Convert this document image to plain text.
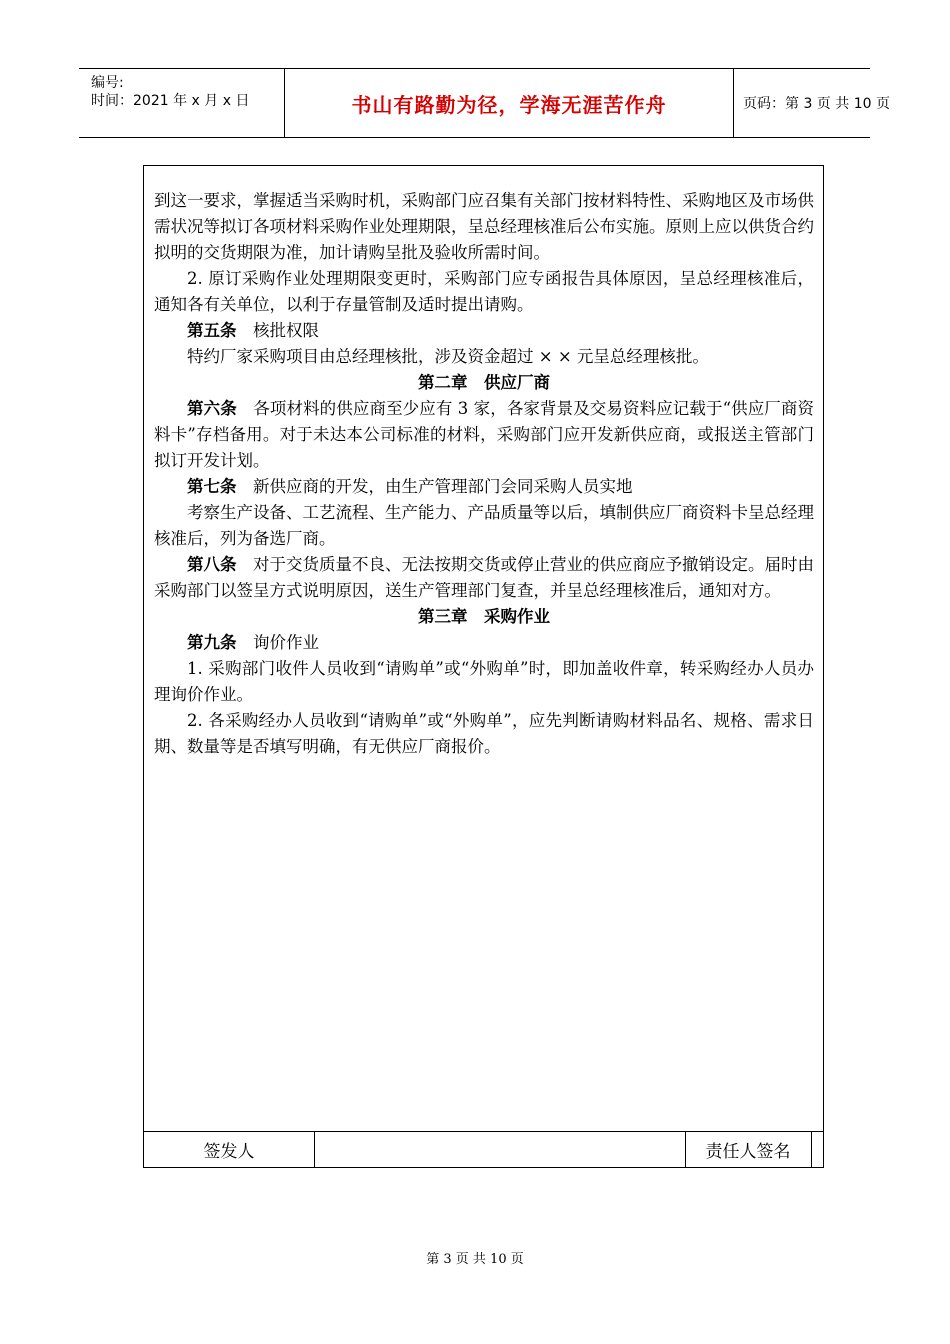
编号:
时间：2021 年 x 月 x 日	书山有路勤为径，学海无涯苦作舟	页码：第 3 页 共 10 页

到这一要求，掌握适当采购时机，采购部门应召集有关部门按材料特性、采购地区及市场供需状况等拟订各项材料采购作业处理期限，呈总经理核准后公布实施。原则上应以供货合约拟明的交货期限为准，加计请购呈批及验收所需时间。

2. 原订采购作业处理期限变更时，采购部门应专函报告具体原因，呈总经理核准后，通知各有关单位，以利于存量管制及适时提出请购。

第五条 核批权限

特约厂家采购项目由总经理核批，涉及资金超过 × × 元呈总经理核批。

第二章　供应厂商

第六条 各项材料的供应商至少应有 3 家，各家背景及交易资料应记载于“供应厂商资料卡”存档备用。对于未达本公司标准的材料，采购部门应开发新供应商，或报送主管部门拟订开发计划。

第七条 新供应商的开发，由生产管理部门会同采购人员实地

考察生产设备、工艺流程、生产能力、产品质量等以后，填制供应厂商资料卡呈总经理核准后，列为备选厂商。

第八条 对于交货质量不良、无法按期交货或停止营业的供应商应予撤销设定。届时由采购部门以签呈方式说明原因，送生产管理部门复查，并呈总经理核准后，通知对方。

第三章　采购作业

第九条 询价作业

1. 采购部门收件人员收到“请购单”或“外购单”时，即加盖收件章，转采购经办人员办理询价作业。

2. 各采购经办人员收到“请购单”或“外购单”，应先判断请购材料品名、规格、需求日期、数量等是否填写明确，有无供应厂商报价。

签发人	责任人签名
第 3 页 共 10 页
